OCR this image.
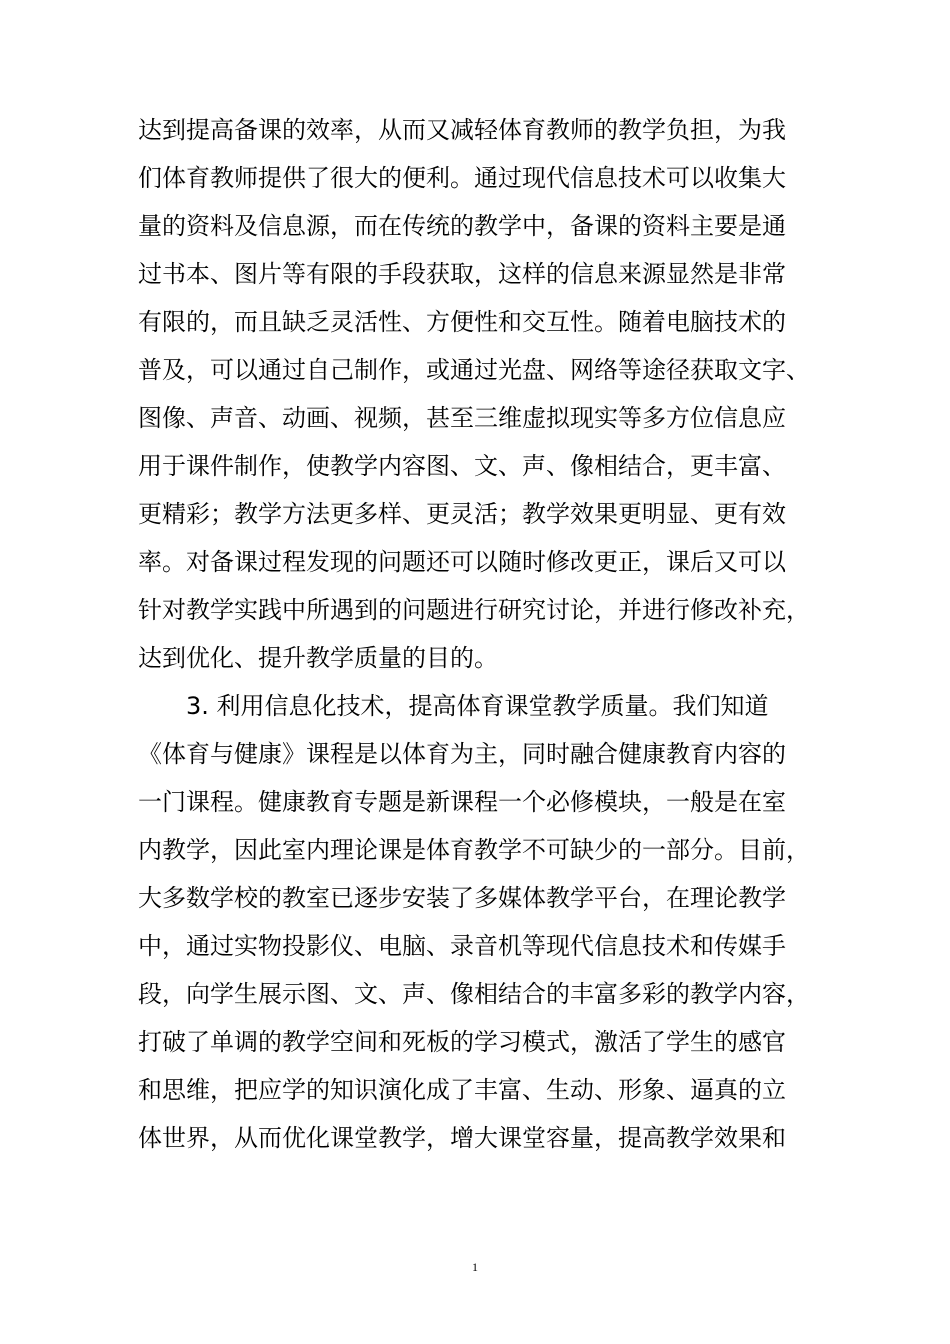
达到提高备课的效率，从而又减轻体育教师的教学负担，为我
们体育教师提供了很大的便利。通过现代信息技术可以收集大
量的资料及信息源，而在传统的教学中，备课的资料主要是通
过书本、图片等有限的手段获取，这样的信息来源显然是非常
有限的，而且缺乏灵活性、方便性和交互性。随着电脑技术的
普及，可以通过自己制作，或通过光盘、网络等途径获取文字、
图像、声音、动画、视频，甚至三维虚拟现实等多方位信息应
用于课件制作，使教学内容图、文、声、像相结合，更丰富、
更精彩；教学方法更多样、更灵活；教学效果更明显、更有效
率。对备课过程发现的问题还可以随时修改更正，课后又可以
针对教学实践中所遇到的问题进行研究讨论，并进行修改补充，
达到优化、提升教学质量的目的。
3. 利用信息化技术，提高体育课堂教学质量。我们知道
《体育与健康》课程是以体育为主，同时融合健康教育内容的
一门课程。健康教育专题是新课程一个必修模块，一般是在室
内教学，因此室内理论课是体育教学不可缺少的一部分。目前，
大多数学校的教室已逐步安装了多媒体教学平台，在理论教学
中，通过实物投影仪、电脑、录音机等现代信息技术和传媒手
段，向学生展示图、文、声、像相结合的丰富多彩的教学内容，
打破了单调的教学空间和死板的学习模式，激活了学生的感官
和思维，把应学的知识演化成了丰富、生动、形象、逼真的立
体世界，从而优化课堂教学，增大课堂容量，提高教学效果和
1
